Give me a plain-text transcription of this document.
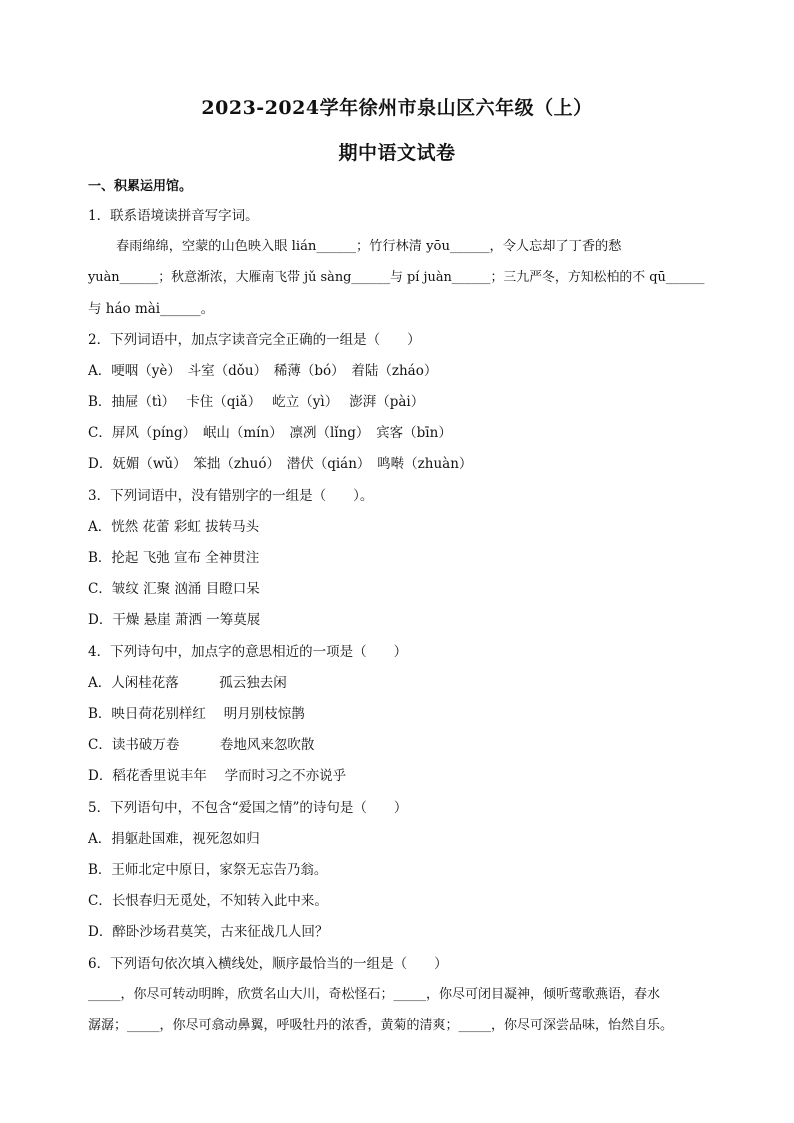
2023-2024学年徐州市泉山区六年级（上）
期中语文试卷

一、积累运用馆。

1．联系语境读拼音写字词。

春雨绵绵，空蒙的山色映入眼 lián______；竹行林清 yōu______，令人忘却了丁香的愁

yuàn______；秋意渐浓，大雁南飞带 jǔ sàng______与 pí juàn______；三九严冬，方知松柏的不 qū______

与 háo mài______。

2．下列词语中，加点字读音完全正确的一组是（　　）

A．哽咽（yè）　斗室（dǒu）　稀薄（bó）　着陆（zháo）

B．抽屉（tì）　 卡住（qiǎ）　 屹立（yì）　 澎湃（pài）

C．屏风（píng）　岷山（mín）　凛冽（lǐng）　宾客（bīn）

D．妩媚（wǔ）　笨拙（zhuó）　潜伏（qián）　鸣啭（zhuàn）

3．下列词语中，没有错别字的一组是（　　）。

A．恍然 花蕾 彩虹 拔转马头

B．抡起 飞弛 宣布 全神贯注

C．皱纹 汇聚 汹涌 目瞪口呆

D．干燥 悬崖 萧洒 一筹莫展

4．下列诗句中，加点字的意思相近的一项是（　　）

A．人闲桂花落　　　孤云独去闲

B．映日荷花别样红　 明月别枝惊鹊

C．读书破万卷　　　卷地风来忽吹散

D．稻花香里说丰年　 学而时习之不亦说乎

5．下列语句中，不包含“爱国之情”的诗句是（　　）

A．捐躯赴国难，视死忽如归

B．王师北定中原日，家祭无忘告乃翁。

C．长恨春归无觅处，不知转入此中来。

D．醉卧沙场君莫笑，古来征战几人回？

6．下列语句依次填入横线处，顺序最恰当的一组是（　　）

_____，你尽可转动明眸，欣赏名山大川，奇松怪石；_____，你尽可闭目凝神，倾听莺歌燕语，春水

潺潺；_____，你尽可翕动鼻翼，呼吸牡丹的浓香，黄菊的清爽；_____，你尽可深尝品味，怡然自乐。
